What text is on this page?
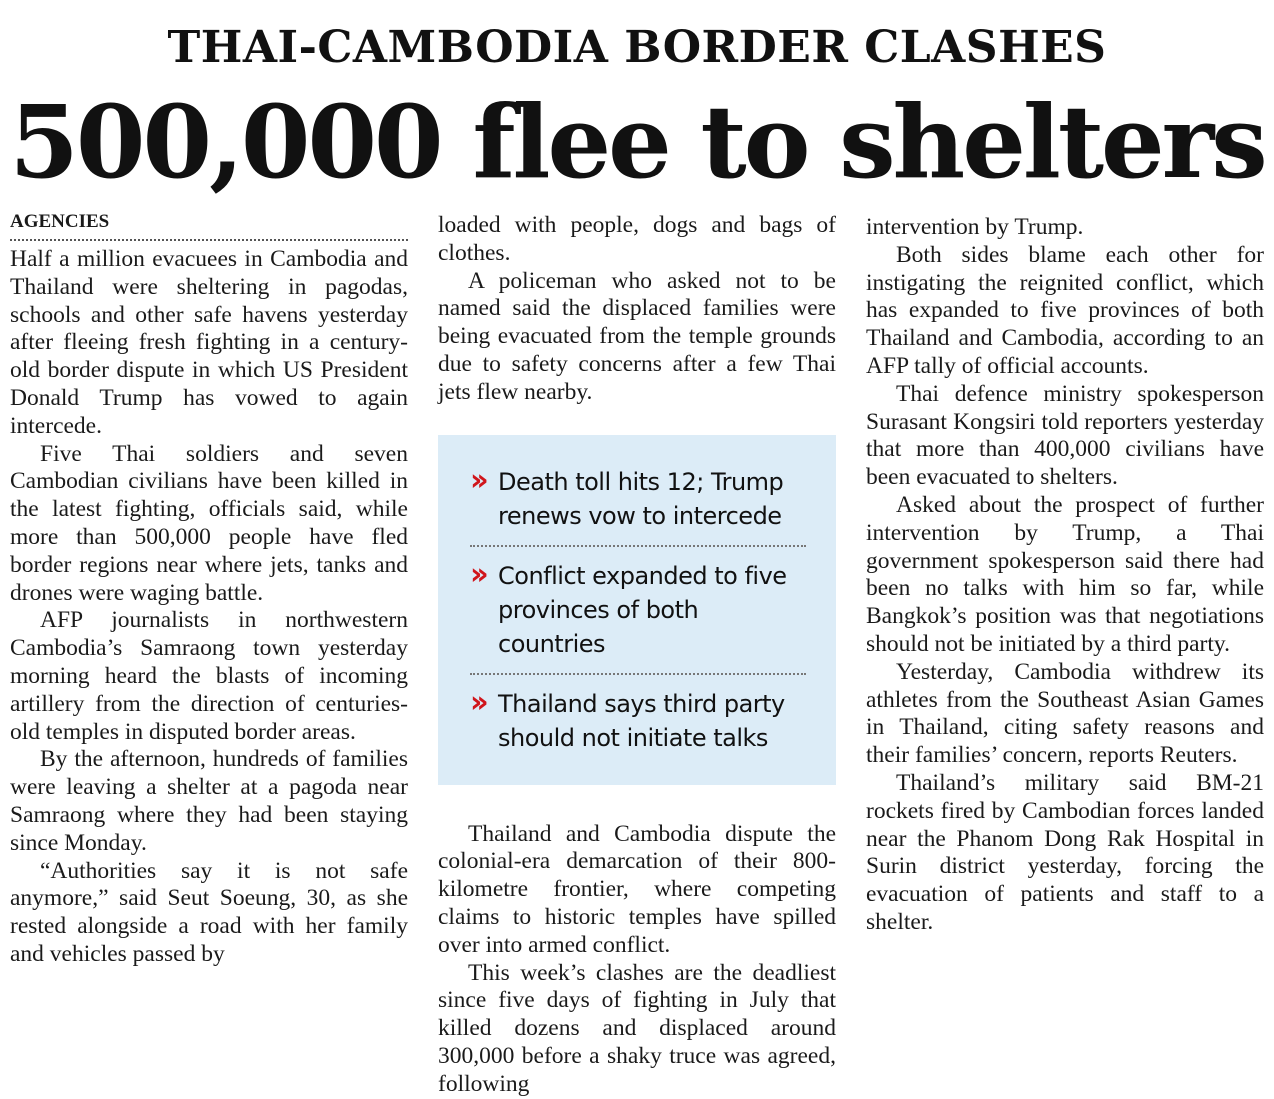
THAI-CAMBODIA BORDER CLASHES
500,000 flee to shelters
AGENCIES

Half a million evacuees in Cambodia and Thailand were sheltering in pagodas, schools and other safe havens yesterday after fleeing fresh fighting in a century-old border dispute in which US President Donald Trump has vowed to again intercede.

Five Thai soldiers and seven Cambodian civilians have been killed in the latest fighting, officials said, while more than 500,000 people have fled border regions near where jets, tanks and drones were waging battle.

AFP journalists in northwestern Cambodia’s Samraong town yesterday morning heard the blasts of incoming artillery from the direction of centuries-old temples in disputed border areas.

By the afternoon, hundreds of families were leaving a shelter at a pagoda near Samraong where they had been staying since Monday.

“Authorities say it is not safe anymore,” said Seut Soeung, 30, as she rested alongside a road with her family and vehicles passed by

loaded with people, dogs and bags of clothes.

A policeman who asked not to be named said the displaced families were being evacuated from the temple grounds due to safety concerns after a few Thai jets flew nearby.

›› Death toll hits 12; Trump renews vow to intercede
›› Conflict expanded to five provinces of both countries
›› Thailand says third party should not initiate talks

Thailand and Cambodia dispute the colonial-era demarcation of their 800-kilometre frontier, where competing claims to historic temples have spilled over into armed conflict.

This week’s clashes are the deadliest since five days of fighting in July that killed dozens and displaced around 300,000 before a shaky truce was agreed, following

intervention by Trump.

Both sides blame each other for instigating the reignited conflict, which has expanded to five provinces of both Thailand and Cambodia, according to an AFP tally of official accounts.

Thai defence ministry spokesperson Surasant Kongsiri told reporters yesterday that more than 400,000 civilians have been evacuated to shelters.

Asked about the prospect of further intervention by Trump, a Thai government spokesperson said there had been no talks with him so far, while Bangkok’s position was that negotiations should not be initiated by a third party.

Yesterday, Cambodia withdrew its athletes from the Southeast Asian Games in Thailand, citing safety reasons and their families’ concern, reports Reuters.

Thailand’s military said BM-21 rockets fired by Cambodian forces landed near the Phanom Dong Rak Hospital in Surin district yesterday, forcing the evacuation of patients and staff to a shelter.
